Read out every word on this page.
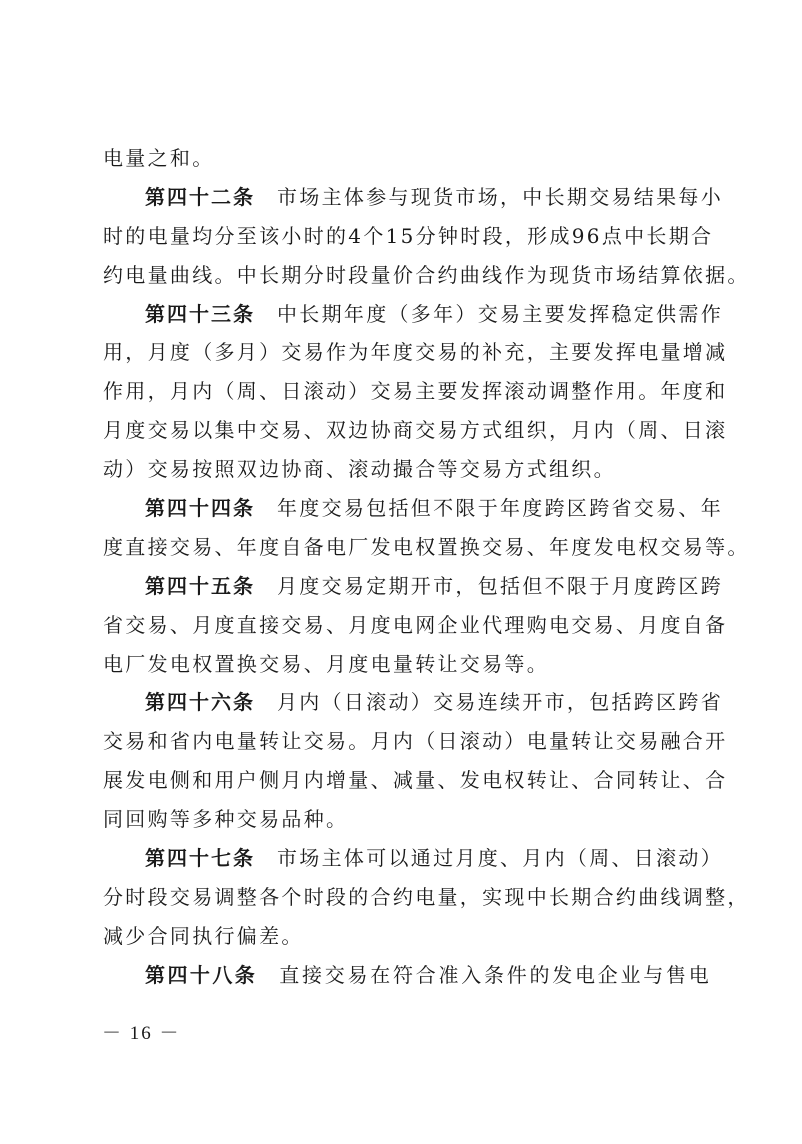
电量之和。
第四十二条 市场主体参与现货市场，中长期交易结果每小
时的电量均分至该小时的4个15分钟时段，形成96点中长期合
约电量曲线。中长期分时段量价合约曲线作为现货市场结算依据。
第四十三条 中长期年度（多年）交易主要发挥稳定供需作
用，月度（多月）交易作为年度交易的补充，主要发挥电量增减
作用，月内（周、日滚动）交易主要发挥滚动调整作用。年度和
月度交易以集中交易、双边协商交易方式组织，月内（周、日滚
动）交易按照双边协商、滚动撮合等交易方式组织。
第四十四条 年度交易包括但不限于年度跨区跨省交易、年
度直接交易、年度自备电厂发电权置换交易、年度发电权交易等。
第四十五条 月度交易定期开市，包括但不限于月度跨区跨
省交易、月度直接交易、月度电网企业代理购电交易、月度自备
电厂发电权置换交易、月度电量转让交易等。
第四十六条 月内（日滚动）交易连续开市，包括跨区跨省
交易和省内电量转让交易。月内（日滚动）电量转让交易融合开
展发电侧和用户侧月内增量、减量、发电权转让、合同转让、合
同回购等多种交易品种。
第四十七条 市场主体可以通过月度、月内（周、日滚动）
分时段交易调整各个时段的合约电量，实现中长期合约曲线调整，
减少合同执行偏差。
第四十八条 直接交易在符合准入条件的发电企业与售电
－ 16 －
